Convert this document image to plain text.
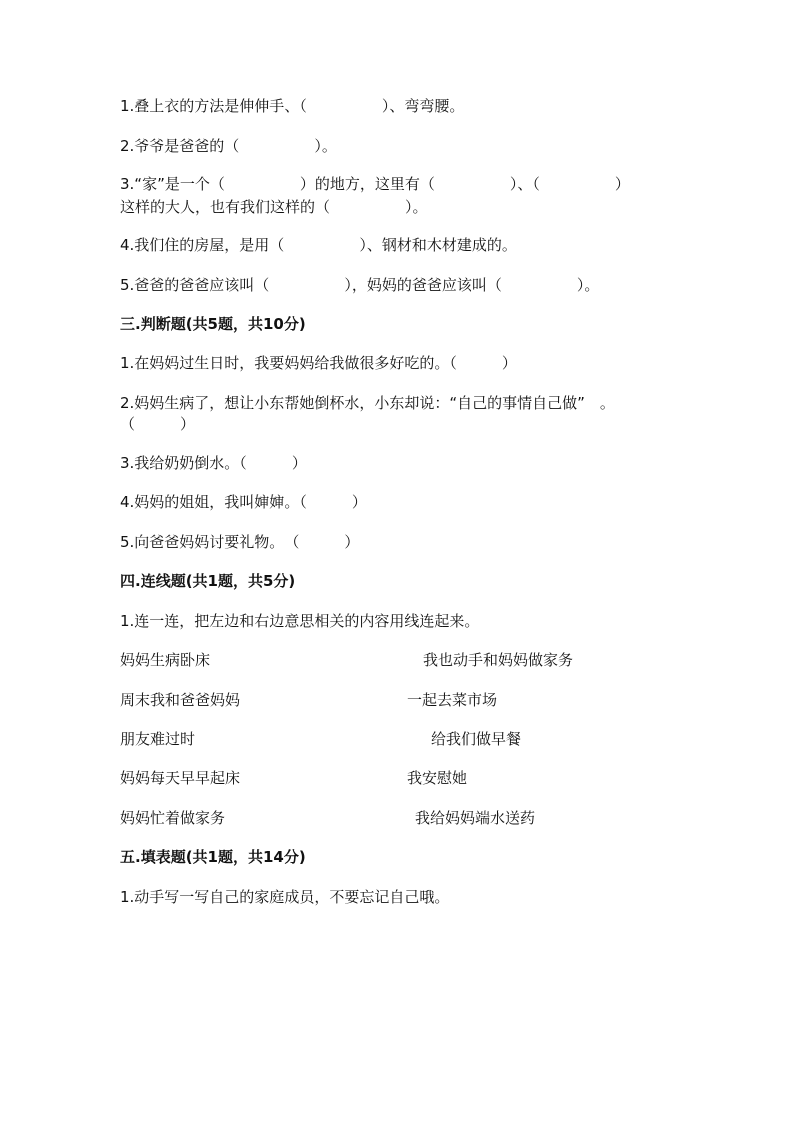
1.叠上衣的方法是伸伸手、（　　　　　）、弯弯腰。

2.爷爷是爸爸的（　　　　　）。

3.“家”是一个（　　　　　）的地方，这里有（　　　　　）、（　　　　　）

这样的大人，也有我们这样的（　　　　　）。

4.我们住的房屋，是用（　　　　　）、钢材和木材建成的。

5.爸爸的爸爸应该叫（　　　　　），妈妈的爸爸应该叫（　　　　　）。

三.判断题(共5题，共10分)

1.在妈妈过生日时，我要妈妈给我做很多好吃的。（　　　）

2.妈妈生病了，想让小东帮她倒杯水，小东却说：“自己的事情自己做”　。

（　　　）

3.我给奶奶倒水。（　　　）

4.妈妈的姐姐，我叫婶婶。（　　　）

5.向爸爸妈妈讨要礼物。　（　　　）

四.连线题(共1题，共5分)

1.连一连，把左边和右边意思相关的内容用线连起来。

妈妈生病卧床	我也动手和妈妈做家务
周末我和爸爸妈妈	一起去菜市场
朋友难过时	给我们做早餐
妈妈每天早早起床	我安慰她
妈妈忙着做家务	我给妈妈端水送药

五.填表题(共1题，共14分)

1.动手写一写自己的家庭成员，不要忘记自己哦。
